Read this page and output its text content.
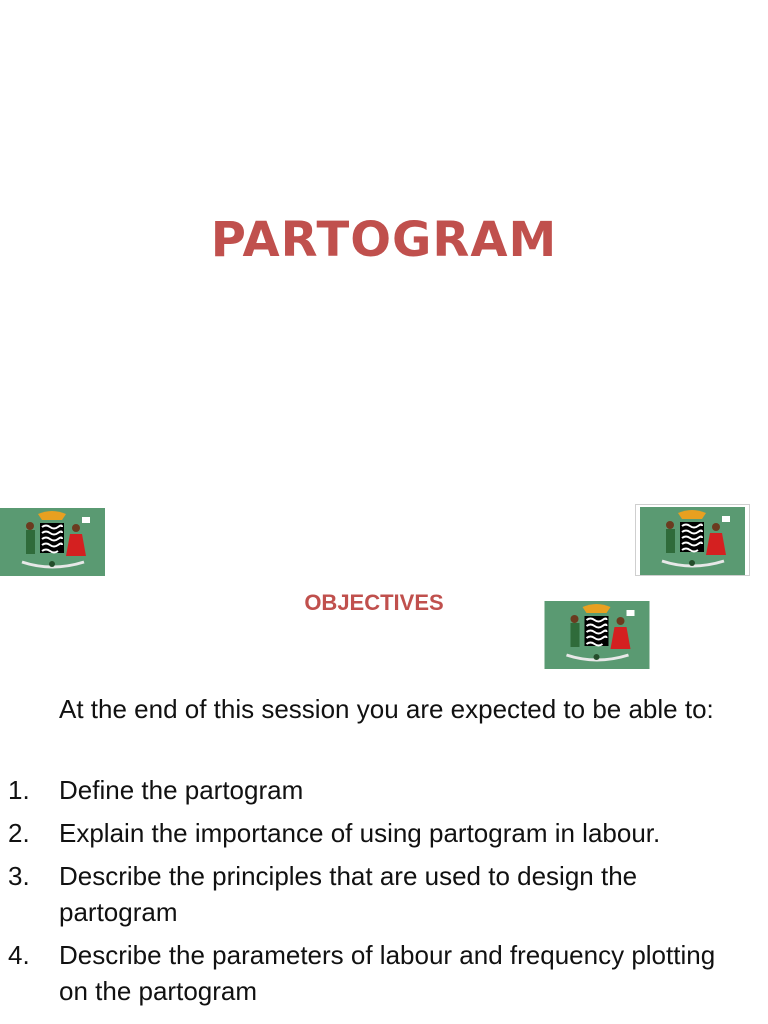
PARTOGRAM
OBJECTIVES
At the end of this session you are expected to be able to:
1. Define the partogram
2. Explain the importance of using partogram in labour.
3. Describe the principles that are used to design the partogram
4. Describe the parameters of labour and frequency plotting on the partogram
